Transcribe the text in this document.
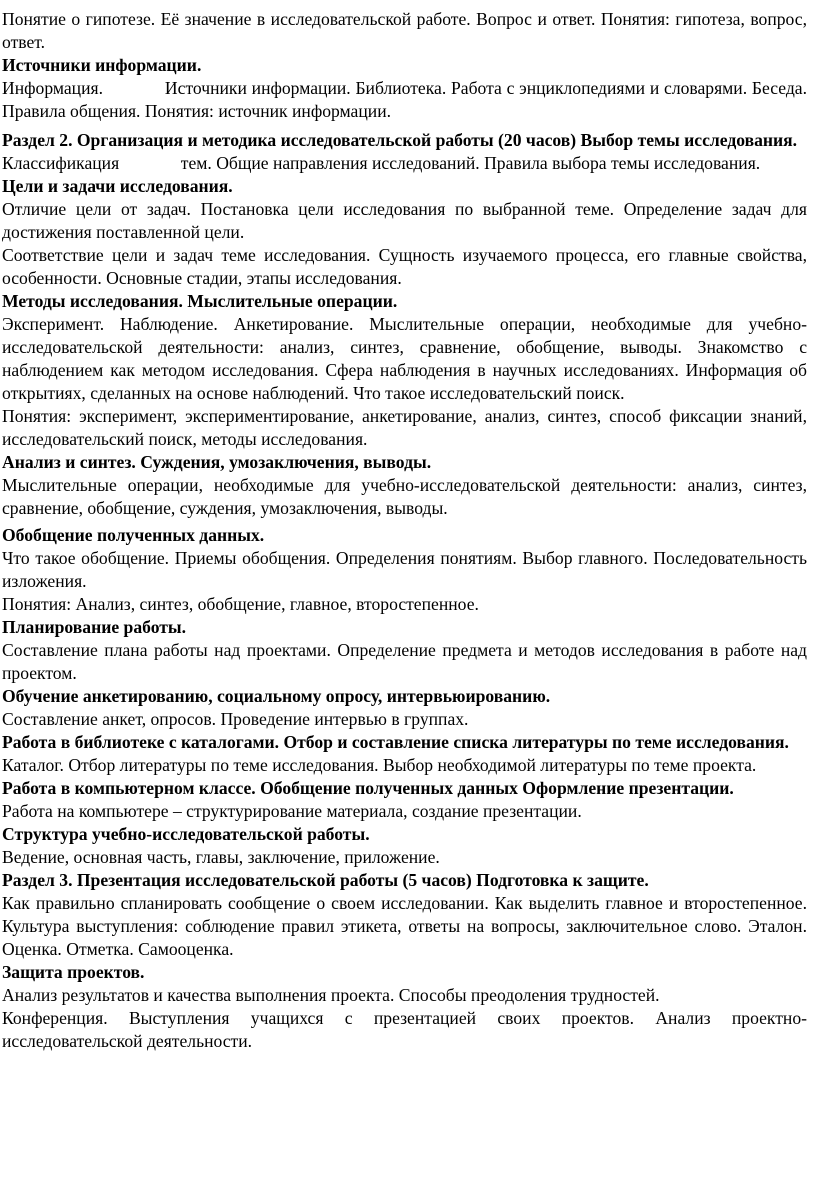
Понятие о гипотезе. Её значение в исследовательской работе. Вопрос и ответ. Понятия: гипотеза, вопрос, ответ.

Источники информации.

Информация.             Источники информации. Библиотека. Работа с энциклопедиями и словарями. Беседа. Правила общения. Понятия: источник информации.

Раздел 2. Организация и методика исследовательской работы (20 часов) Выбор темы исследования.

Классификация              тем. Общие направления исследований. Правила выбора темы исследования.

Цели и задачи исследования.

Отличие цели от задач. Постановка цели исследования по выбранной теме. Определение задач для достижения поставленной цели.

Соответствие цели и задач теме исследования. Сущность изучаемого процесса, его главные свойства, особенности. Основные стадии, этапы исследования.

Методы исследования. Мыслительные операции.

Эксперимент. Наблюдение. Анкетирование. Мыслительные операции, необходимые для учебно-исследовательской деятельности: анализ, синтез, сравнение, обобщение, выводы. Знакомство с наблюдением как методом исследования. Сфера наблюдения в научных исследованиях. Информация об открытиях, сделанных на основе наблюдений. Что такое исследовательский поиск.

Понятия: эксперимент, экспериментирование, анкетирование, анализ, синтез, способ фиксации знаний, исследовательский поиск, методы исследования.

Анализ и синтез. Суждения, умозаключения, выводы.

Мыслительные операции, необходимые для учебно-исследовательской деятельности: анализ, синтез, сравнение, обобщение, суждения, умозаключения, выводы.

Обобщение полученных данных.

Что такое обобщение. Приемы обобщения. Определения понятиям. Выбор главного. Последовательность изложения.

Понятия: Анализ, синтез, обобщение, главное, второстепенное.

Планирование работы.

Составление плана работы над проектами. Определение предмета и методов исследования в работе над проектом.

Обучение анкетированию, социальному опросу, интервьюированию.

Составление анкет, опросов. Проведение интервью в группах.

Работа в библиотеке с каталогами. Отбор и составление списка литературы по теме исследования.

Каталог. Отбор литературы по теме исследования. Выбор необходимой литературы по теме проекта.

Работа в компьютерном классе. Обобщение полученных данных Оформление презентации.

Работа на компьютере – структурирование материала, создание презентации.

Структура учебно-исследовательской работы.

Ведение, основная часть, главы, заключение, приложение.

Раздел 3. Презентация исследовательской работы (5 часов) Подготовка к защите.

Как правильно спланировать сообщение о своем исследовании. Как выделить главное и второстепенное. Культура выступления: соблюдение правил этикета, ответы на вопросы, заключительное слово. Эталон. Оценка. Отметка. Самооценка.

Защита проектов.

Анализ результатов и качества выполнения проекта. Способы преодоления трудностей.

Конференция. Выступления учащихся с презентацией своих проектов. Анализ проектно-исследовательской деятельности.
